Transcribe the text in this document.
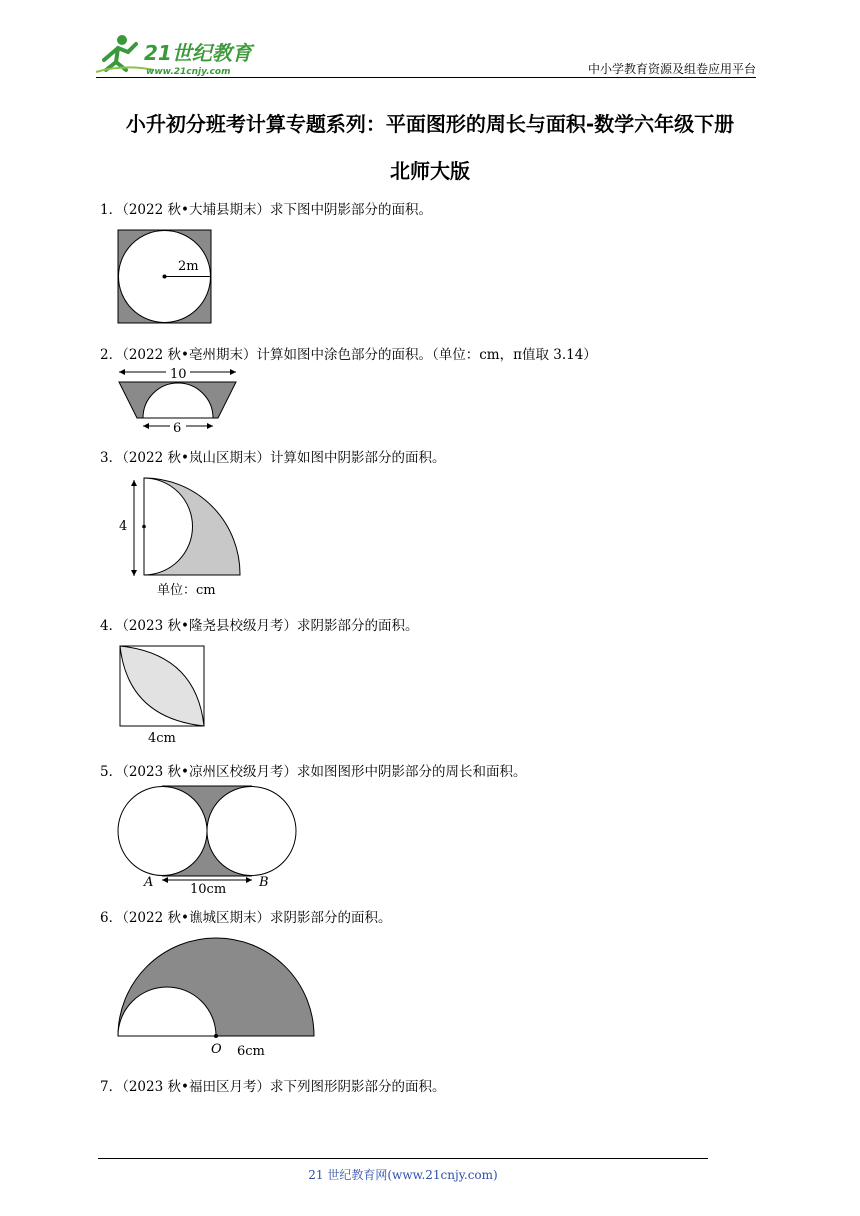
21世纪教育
www.21cnjy.com	中小学教育资源及组卷应用平台
小升初分班考计算专题系列：平面图形的周长与面积-数学六年级下册
北师大版
1．（2022 秋•大埔县期末）求下图中阴影部分的面积。
2m
2．（2022 秋•亳州期末）计算如图中涂色部分的面积。（单位：cm，π值取 3.14）
10
6
3．（2022 秋•岚山区期末）计算如图中阴影部分的面积。
4
单位：cm
4．（2023 秋•隆尧县校级月考）求阴影部分的面积。
4cm
5．（2023 秋•凉州区校级月考）求如图图形中阴影部分的周长和面积。
A	10cm	B
6．（2022 秋•谯城区期末）求阴影部分的面积。
O 6cm
7．（2023 秋•福田区月考）求下列图形阴影部分的面积。
21 世纪教育网(www.21cnjy.com)
